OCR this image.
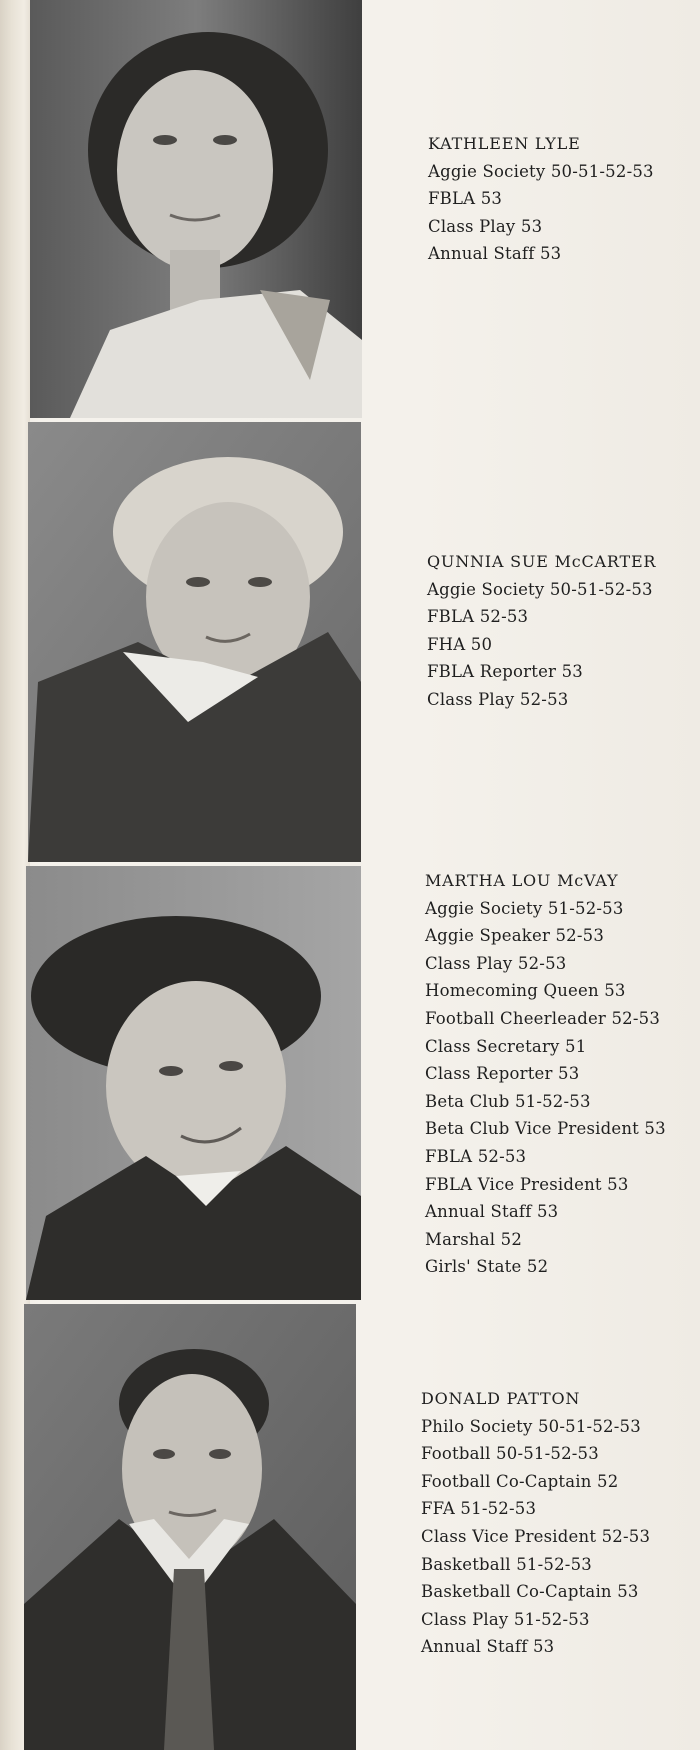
KATHLEEN LYLE
Aggie Society 50-51-52-53
FBLA 53
Class Play 53
Annual Staff 53
QUNNIA SUE McCARTER
Aggie Society 50-51-52-53
FBLA 52-53
FHA 50
FBLA Reporter 53
Class Play 52-53
MARTHA LOU McVAY
Aggie Society 51-52-53
Aggie Speaker 52-53
Class Play 52-53
Homecoming Queen 53
Football Cheerleader 52-53
Class Secretary 51
Class Reporter 53
Beta Club 51-52-53
Beta Club Vice President 53
FBLA 52-53
FBLA Vice President 53
Annual Staff 53
Marshal 52
Girls' State 52
DONALD PATTON
Philo Society 50-51-52-53
Football 50-51-52-53
Football Co-Captain 52
FFA 51-52-53
Class Vice President 52-53
Basketball 51-52-53
Basketball Co-Captain 53
Class Play 51-52-53
Annual Staff 53
